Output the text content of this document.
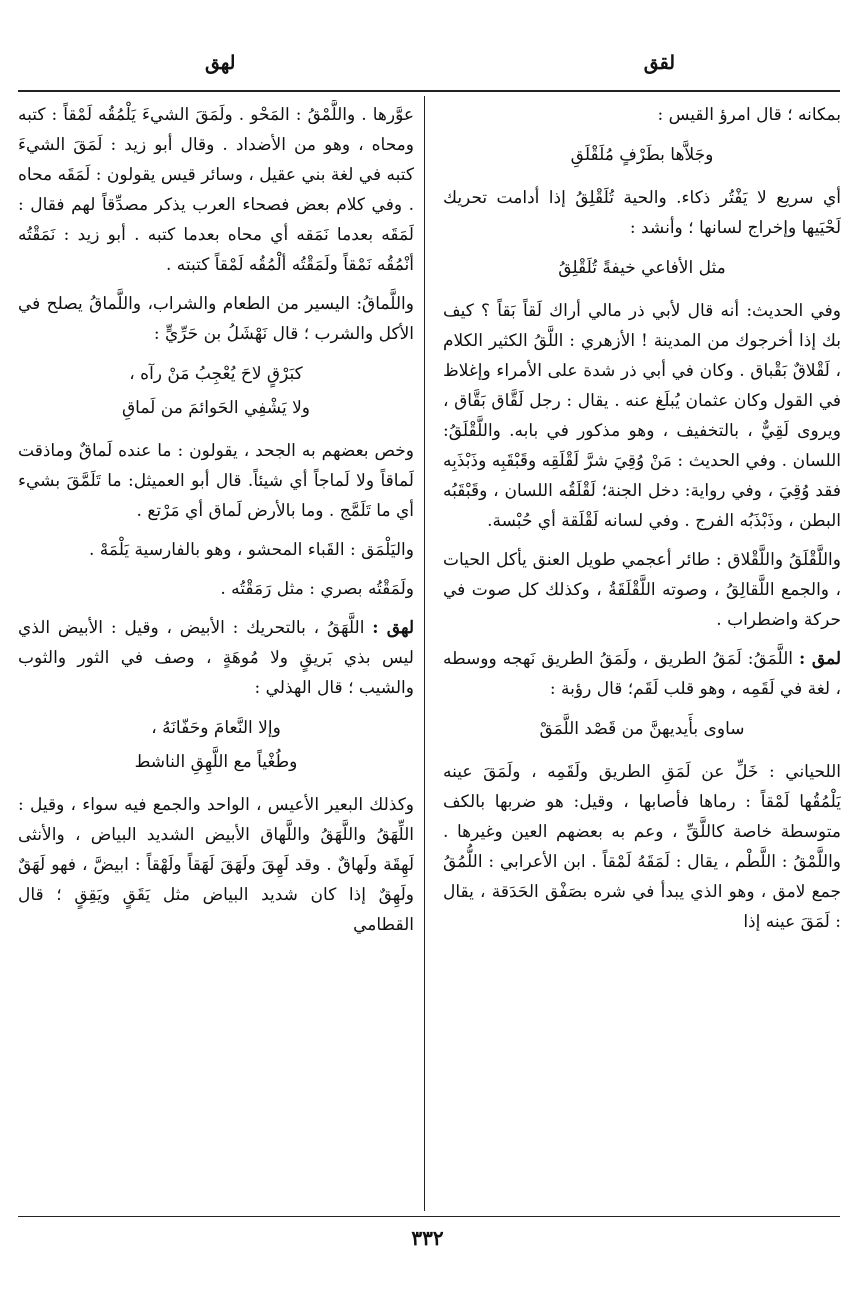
لقق
لهق

بمكانه ؛ قال امرؤ القيس :

وجَلاَّها بطَرْفٍ مُلَقْلَقِ

أي سريع لا يَفْتُر ذكاء. والحية تُلَقْلِقُ إذا أدامت تحريك لَحْيَيها وإخراج لسانها ؛ وأنشد :

مثل الأفاعي خيفةً تُلَقْلِقُ

وفي الحديث: أنه قال لأبي ذر مالي أراك لَقاً بَقاً ؟ كيف بك إذا أخرجوك من المدينة ! الأزهري : اللَّقُ الكثير الكلام ، لَقْلاقٌ بَقْباق . وكان في أبي ذر شدة على الأمراء وإغلاظ في القول وكان عثمان يُبلَغ عنه . يقال : رجل لَقَّاق بَقَّاق ، ويروى لَقِيٌّ ، بالتخفيف ، وهو مذكور في بابه. واللَّقْلَقُ: اللسان . وفي الحديث : مَنْ وُقِيَ شرَّ لَقْلَقِه وقَبْقَبِه وذَبْذَبِه فقد وُقِيَ ، وفي رواية: دخل الجنة؛ لَقْلَقُه اللسان ، وقَبْقَبُه البطن ، وذَبْذَبُه الفرج . وفي لسانه لَقْلَقة أي حُبْسة.

واللَّقْلَقُ واللَّقْلاق : طائر أعجمي طويل العنق يأكل الحيات ، والجمع اللَّقالِقُ ، وصوته اللَّقْلَقَةُ ، وكذلك كل صوت في حركة واضطراب .

لمق : اللَّمَقُ: لَمَقُ الطريق ، ولَمَقُ الطريق نَهجه ووسطه ، لغة في لَقَمِه ، وهو قلب لَقَم؛ قال رؤبة :

ساوى بأَيديهنَّ من قَصْد اللَّمَقْ

اللحياني : خَلِّ عن لَمَقِ الطريق ولَقَمِه ، ولَمَقَ عينه يَلْمُقُها لَمْقاً : رماها فأصابها ، وقيل: هو ضربها بالكف متوسطة خاصة كاللَّقِّ ، وعم به بعضهم العين وغيرها . واللَّمْقُ : اللَّطْم ، يقال : لَمَقَهُ لَمْقاً . ابن الأعرابي : اللُّمُقُ جمع لامق ، وهو الذي يبدأ في شره بصَفْق الحَدَقة ، يقال : لَمَقَ عينه إذا

عوَّرها . واللَّمْقُ : المَحْو . ولَمَقَ الشيءَ يَلْمُقُه لَمْقاً : كتبه ومحاه ، وهو من الأضداد . وقال أبو زيد : لَمَقَ الشيءَ كتبه في لغة بني عقيل ، وسائر قيس يقولون : لَمَقَه محاه . وفي كلام بعض فصحاء العرب يذكر مصدِّقاً لهم فقال : لَمَقَه بعدما نَمَقه أي محاه بعدما كتبه . أبو زيد : نَمَقْتُه أنْمُقُه نَمْقاً ولَمَقْتُه ألْمُقُه لَمْقاً كتبته .

واللَّماقُ: اليسير من الطعام والشراب، واللَّماقُ يصلح في الأكل والشرب ؛ قال نَهْشَلُ بن حَرِّيٍّ :

كبَرْقٍ لاحَ يُعْجِبُ مَنْ رآه ،

ولا يَشْفِي الحَوائمَ من لَماقِ

وخص بعضهم به الجحد ، يقولون : ما عنده لَماقٌ وماذقت لَماقاً ولا لَماجاً أي شيئاً. قال أبو العميثل: ما تَلَمَّقَ بشيء أي ما تَلَمَّج . وما بالأرض لَماق أي مَرْتع .

واليَلْمَق : القَباء المحشو ، وهو بالفارسية يَلْمَهْ .

ولَمَقْتُه بصري : مثل رَمَقْتُه .

لهق : اللَّهَقُ ، بالتحريك : الأبيض ، وقيل : الأبيض الذي ليس بذي بَريقٍ ولا مُوهَةٍ ، وصف في الثور والثوب والشيب ؛ قال الهذلي :

وإلا النَّعامَ وحَفّانَهُ ،

وطُغْياً مع اللَّهِقِ الناشط

وكذلك البعير الأعيس ، الواحد والجمع فيه سواء ، وقيل : اللِّهَقُ واللَّهَقُ واللَّهاق الأبيض الشديد البياض ، والأنثى لَهِقَة ولَهاقٌ . وقد لَهِقَ ولَهَقَ لَهَقاً ولَهْقاً : ابيضَّ ، فهو لَهَقٌ ولَهِقٌ إذا كان شديد البياض مثل يَقَقٍ ويَقِقٍ ؛ قال القطامي

٣٣٢
